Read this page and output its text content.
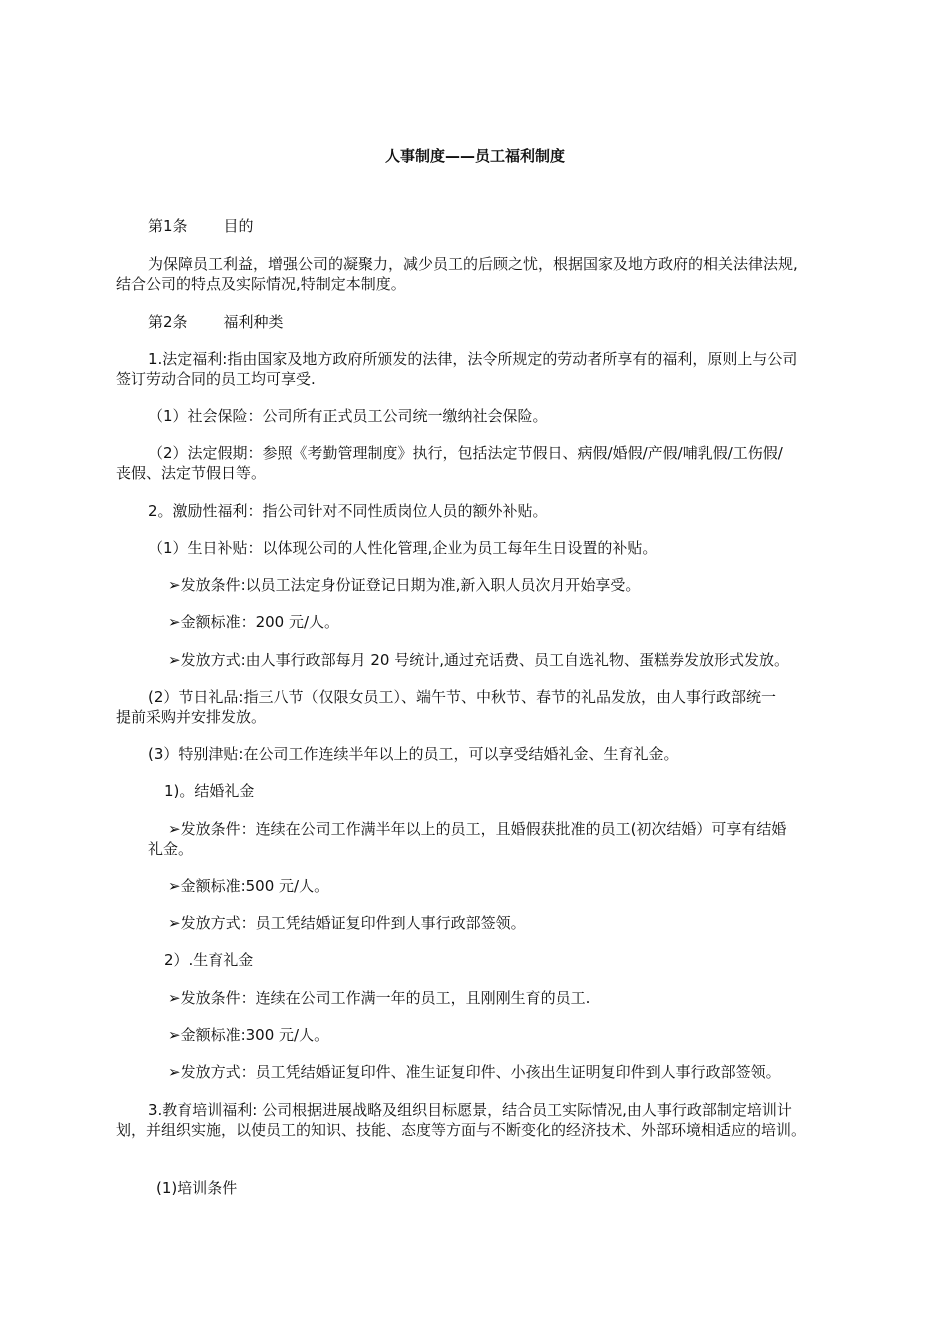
人事制度——员工福利制度
第1条 目的
为保障员工利益，增强公司的凝聚力，减少员工的后顾之忧，根据国家及地方政府的相关法律法规,
结合公司的特点及实际情况,特制定本制度。
第2条 福利种类
1.法定福利:指由国家及地方政府所颁发的法律，法令所规定的劳动者所享有的福利，原则上与公司
签订劳动合同的员工均可享受.
（1）社会保险：公司所有正式员工公司统一缴纳社会保险。
（2）法定假期：参照《考勤管理制度》执行，包括法定节假日、病假/婚假/产假/哺乳假/工伤假/
丧假、法定节假日等。
2。激励性福利：指公司针对不同性质岗位人员的额外补贴。
（1）生日补贴：以体现公司的人性化管理,企业为员工每年生日设置的补贴。
➢发放条件:以员工法定身份证登记日期为准,新入职人员次月开始享受。
➢金额标准：200 元/人。
➢发放方式:由人事行政部每月 20 号统计,通过充话费、员工自选礼物、蛋糕券发放形式发放。
(2）节日礼品:指三八节（仅限女员工）、端午节、中秋节、春节的礼品发放，由人事行政部统一
提前采购并安排发放。
(3）特别津贴:在公司工作连续半年以上的员工，可以享受结婚礼金、生育礼金。
1)。结婚礼金
➢发放条件：连续在公司工作满半年以上的员工，且婚假获批准的员工(初次结婚）可享有结婚
礼金。
➢金额标准:500 元/人。
➢发放方式：员工凭结婚证复印件到人事行政部签领。
2）.生育礼金
➢发放条件：连续在公司工作满一年的员工，且刚刚生育的员工.
➢金额标准:300 元/人。
➢发放方式：员工凭结婚证复印件、准生证复印件、小孩出生证明复印件到人事行政部签领。
3.教育培训福利: 公司根据进展战略及组织目标愿景，结合员工实际情况,由人事行政部制定培训计
划，并组织实施，以使员工的知识、技能、态度等方面与不断变化的经济技术、外部环境相适应的培训。
(1)培训条件
